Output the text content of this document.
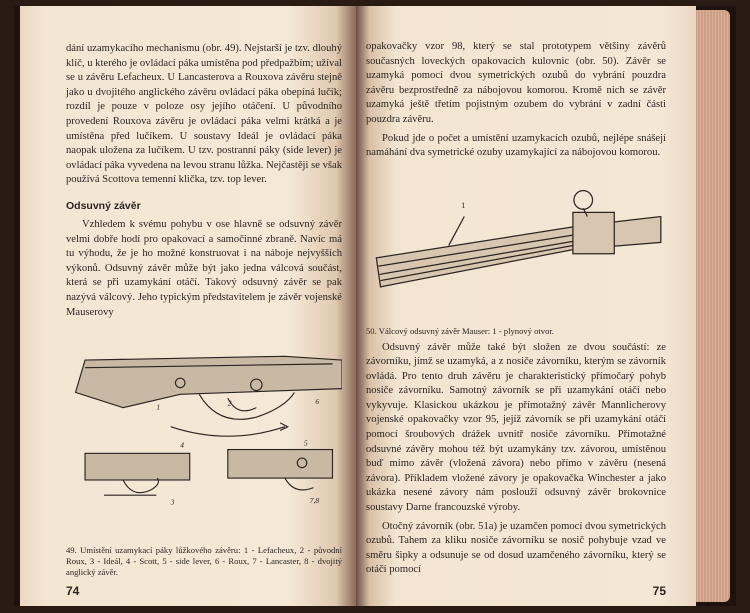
dání uzamykacího mechanismu (obr. 49). Nejstarší je tzv. dlouhý klíč, u kterého je ovládací páka umístěna pod předpažbím; užíval se u závěru Lefacheux. U Lancasterova a Rouxova závěru stejně jako u dvojitého anglického závěru ovládací páka obepíná lučík; rozdíl je pouze v poloze osy jejího otáčení. U původního provedení Rouxova závěru je ovládací páka velmi krátká a je umístěna před lučíkem. U soustavy Ideál je ovládací páka naopak uložena za lučíkem. U tzv. postranní páky (side lever) je ovládací páka vyvedena na levou stranu lůžka. Nejčastěji se však používá Scottova temenní klička, tzv. top lever.
Odsuvný závěr
Vzhledem k svému pohybu v ose hlavně se odsuvný závěr velmi dobře hodí pro opakovací a samočinné zbraně. Navíc má tu výhodu, že je ho možné konstruovat i na náboje nejvyšších výkonů. Odsuvný závěr může být jako jedna válcová součást, která se při uzamykání otáčí. Takový odsuvný závěr se pak nazývá válcový. Jeho typickým představitelem je závěr vojenské Mauserovy
1	2
3
4	5
6
7,8
49. Umístění uzamykací páky lůžkového závěru: 1 - Lefacheux, 2 - původní Roux, 3 - Ideál, 4 - Scott, 5 - side lever, 6 - Roux, 7 - Lancaster, 8 - dvojitý anglický závěr.
74
opakovačky vzor 98, který se stal prototypem většiny závěrů současných loveckých opakovacích kulovnic (obr. 50). Závěr se uzamyká pomocí dvou symetrických ozubů do vybrání pouzdra závěru bezprostředně za nábojovou komorou. Kromě nich se závěr uzamyká ještě třetím pojistným ozubem do vybrání v zadní části pouzdra závěru.
Pokud jde o počet a umístění uzamykacích ozubů, nejlépe snášejí namáhání dva symetrické ozuby uzamykající za nábojovou komorou.
1
50. Válcový odsuvný závěr Mauser: 1 - plynový otvor.
Odsuvný závěr může také být složen ze dvou součástí: ze závorníku, jímž se uzamyká, a z nosiče závorníku, kterým se závorník ovládá. Pro tento druh závěru je charakteristický přímočarý pohyb nosiče závorníku. Samotný závorník se při uzamykání otáčí nebo vykyvuje. Klasickou ukázkou je přímotažný závěr Mannlicherovy vojenské opakovačky vzor 95, jejíž závorník se při uzamykání otáčí pomocí šroubových drážek uvnitř nosiče závorníku. Přímotažné odsuvné závěry mohou též být uzamykány tzv. závorou, umístěnou buď mimo závěr (vložená závora) nebo přímo v závěru (nesená závora). Příkladem vložené závory je opakovačka Winchester a jako ukázka nesené závory nám poslouží odsuvný závěr brokovnice soustavy Darne francouzské výroby.
Otočný závorník (obr. 51a) je uzamčen pomocí dvou symetrických ozubů. Tahem za kliku nosiče závorníku se nosič pohybuje vzad ve směru šipky a odsunuje se od dosud uzamčeného závorníku, který se otáčí pomocí
75
